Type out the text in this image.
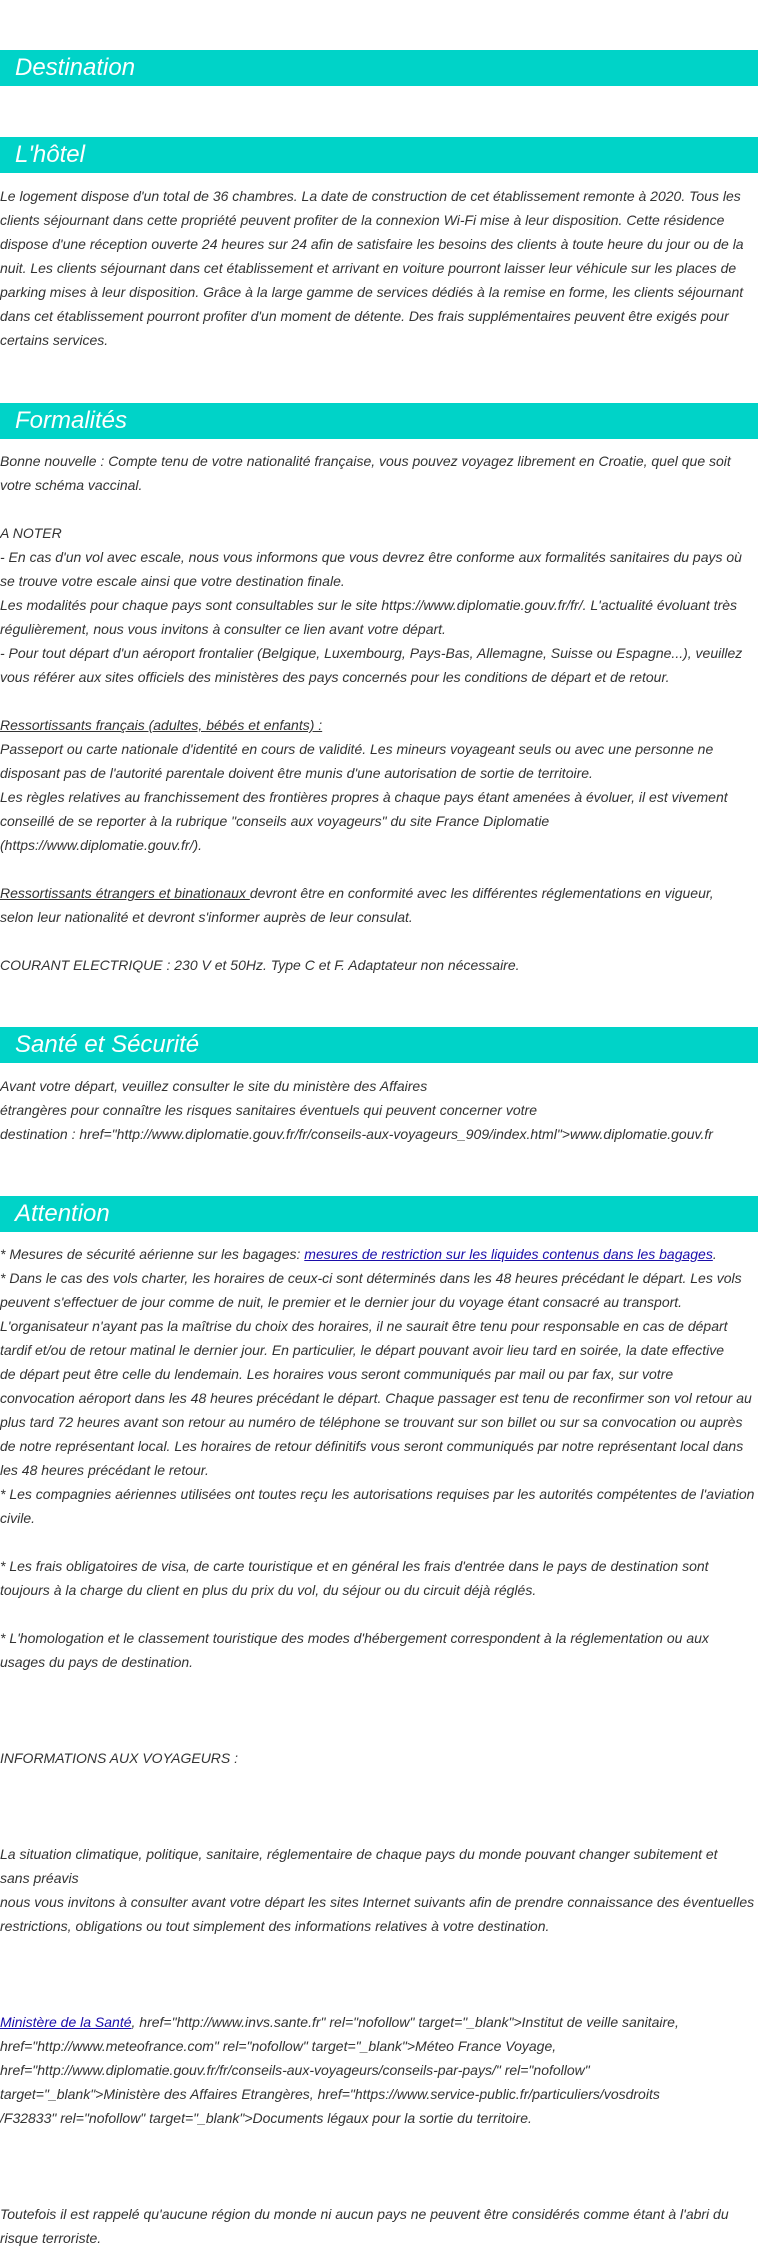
Destination
L'hôtel
Le logement dispose d'un total de 36 chambres. La date de construction de cet établissement remonte à 2020. Tous les
clients séjournant dans cette propriété peuvent profiter de la connexion Wi-Fi mise à leur disposition. Cette résidence
dispose d'une réception ouverte 24 heures sur 24 afin de satisfaire les besoins des clients à toute heure du jour ou de la
nuit. Les clients séjournant dans cet établissement et arrivant en voiture pourront laisser leur véhicule sur les places de
parking mises à leur disposition. Grâce à la large gamme de services dédiés à la remise en forme, les clients séjournant
dans cet établissement pourront profiter d'un moment de détente. Des frais supplémentaires peuvent être exigés pour
certains services.
Formalités
Bonne nouvelle : Compte tenu de votre nationalité française, vous pouvez voyagez librement en Croatie, quel que soit
votre schéma vaccinal.
A NOTER
- En cas d'un vol avec escale, nous vous informons que vous devrez être conforme aux formalités sanitaires du pays où
se trouve votre escale ainsi que votre destination finale.
Les modalités pour chaque pays sont consultables sur le site https://www.diplomatie.gouv.fr/fr/. L'actualité évoluant très
régulièrement, nous vous invitons à consulter ce lien avant votre départ.
- Pour tout départ d'un aéroport frontalier (Belgique, Luxembourg, Pays-Bas, Allemagne, Suisse ou Espagne...), veuillez
vous référer aux sites officiels des ministères des pays concernés pour les conditions de départ et de retour.
Ressortissants français (adultes, bébés et enfants) :
Passeport ou carte nationale d'identité en cours de validité. Les mineurs voyageant seuls ou avec une personne ne
disposant pas de l'autorité parentale doivent être munis d'une autorisation de sortie de territoire.
Les règles relatives au franchissement des frontières propres à chaque pays étant amenées à évoluer, il est vivement
conseillé de se reporter à la rubrique "conseils aux voyageurs" du site France Diplomatie
(https://www.diplomatie.gouv.fr/).
Ressortissants étrangers et binationaux devront être en conformité avec les différentes réglementations en vigueur,
selon leur nationalité et devront s'informer auprès de leur consulat.
COURANT ELECTRIQUE : 230 V et 50Hz. Type C et F. Adaptateur non nécessaire.
Santé et Sécurité
Avant votre départ, veuillez consulter le site du ministère des Affaires
étrangères pour connaître les risques sanitaires éventuels qui peuvent concerner votre
destination : href="http://www.diplomatie.gouv.fr/fr/conseils-aux-voyageurs_909/index.html">www.diplomatie.gouv.fr
Attention
* Mesures de sécurité aérienne sur les bagages: mesures de restriction sur les liquides contenus dans les bagages.
* Dans le cas des vols charter, les horaires de ceux-ci sont déterminés dans les 48 heures précédant le départ. Les vols
peuvent s'effectuer de jour comme de nuit, le premier et le dernier jour du voyage étant consacré au transport.
L'organisateur n'ayant pas la maîtrise du choix des horaires, il ne saurait être tenu pour responsable en cas de départ
tardif et/ou de retour matinal le dernier jour. En particulier, le départ pouvant avoir lieu tard en soirée, la date effective
de départ peut être celle du lendemain. Les horaires vous seront communiqués par mail ou par fax, sur votre
convocation aéroport dans les 48 heures précédant le départ. Chaque passager est tenu de reconfirmer son vol retour au
plus tard 72 heures avant son retour au numéro de téléphone se trouvant sur son billet ou sur sa convocation ou auprès
de notre représentant local. Les horaires de retour définitifs vous seront communiqués par notre représentant local dans
les 48 heures précédant le retour.
* Les compagnies aériennes utilisées ont toutes reçu les autorisations requises par les autorités compétentes de l'aviation
civile.
* Les frais obligatoires de visa, de carte touristique et en général les frais d'entrée dans le pays de destination sont
toujours à la charge du client en plus du prix du vol, du séjour ou du circuit déjà réglés.
* L'homologation et le classement touristique des modes d'hébergement correspondent à la réglementation ou aux
usages du pays de destination.
INFORMATIONS AUX VOYAGEURS :
La situation climatique, politique, sanitaire, réglementaire de chaque pays du monde pouvant changer subitement et
sans préavis
nous vous invitons à consulter avant votre départ les sites Internet suivants afin de prendre connaissance des éventuelles
restrictions, obligations ou tout simplement des informations relatives à votre destination.
Ministère de la Santé, href="http://www.invs.sante.fr" rel="nofollow" target="_blank">Institut de veille sanitaire,
href="http://www.meteofrance.com" rel="nofollow" target="_blank">Méteo France Voyage,
href="http://www.diplomatie.gouv.fr/fr/conseils-aux-voyageurs/conseils-par-pays/" rel="nofollow"
target="_blank">Ministère des Affaires Etrangères, href="https://www.service-public.fr/particuliers/vosdroits
/F32833" rel="nofollow" target="_blank">Documents légaux pour la sortie du territoire.
Toutefois il est rappelé qu'aucune région du monde ni aucun pays ne peuvent être considérés comme étant à l'abri du
risque terroriste.
